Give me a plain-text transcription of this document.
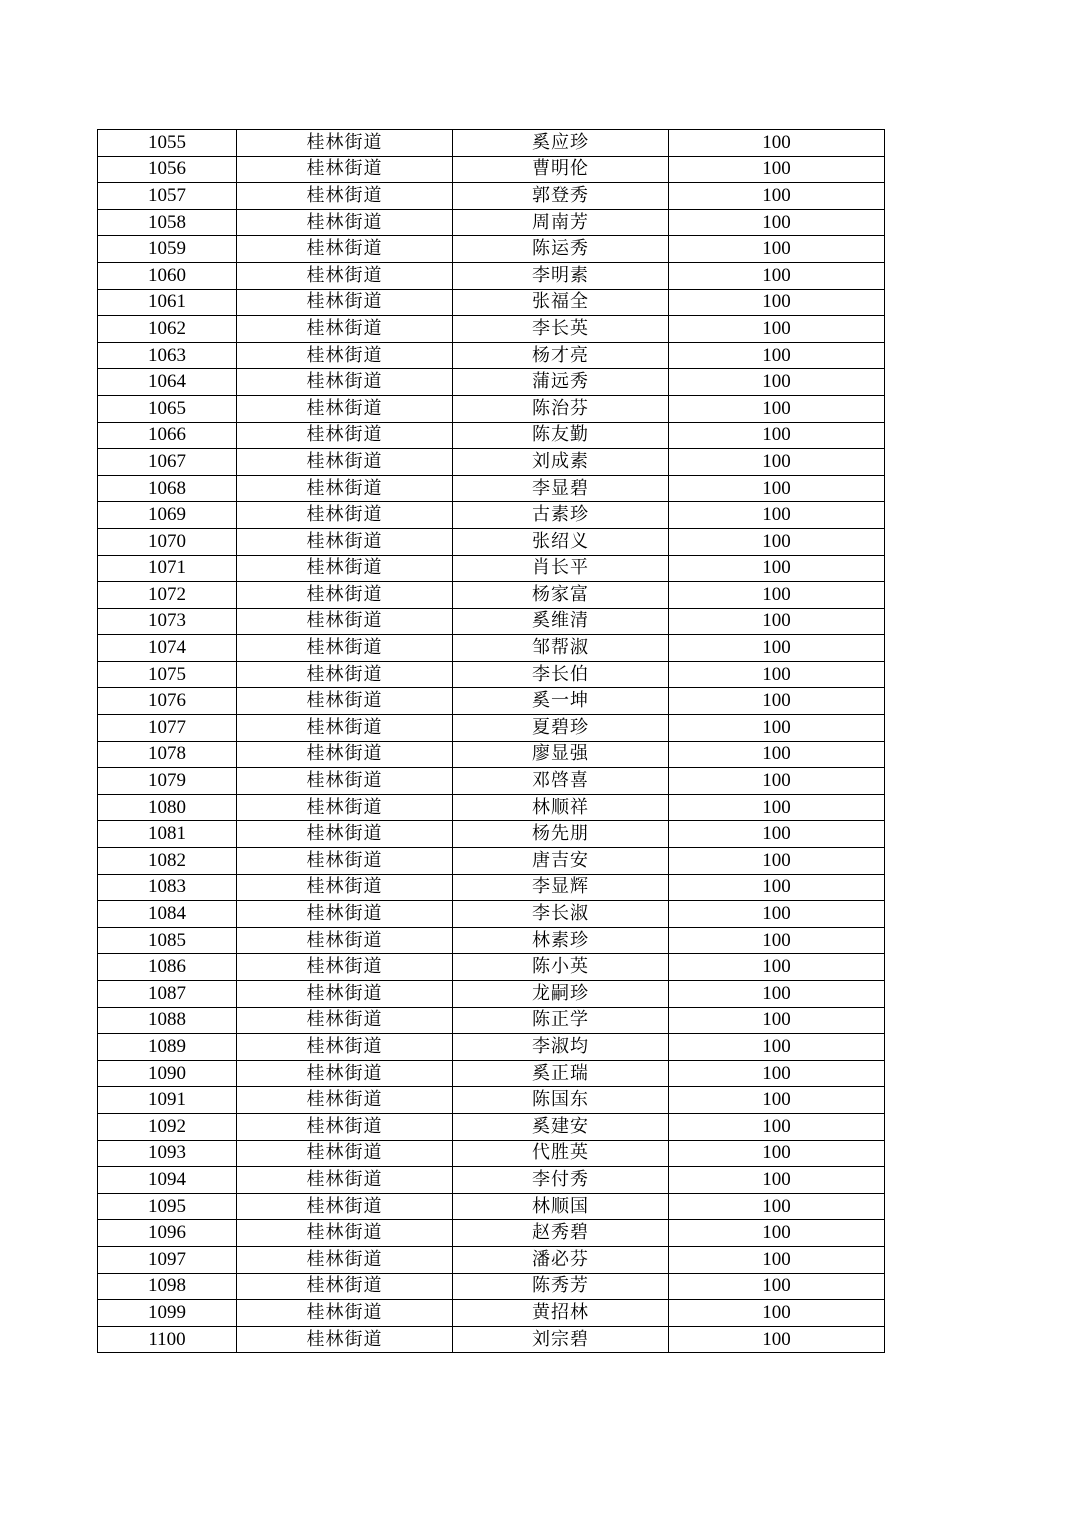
1055	桂林街道	奚应珍	100
1056	桂林街道	曹明伦	100
1057	桂林街道	郭登秀	100
1058	桂林街道	周南芳	100
1059	桂林街道	陈运秀	100
1060	桂林街道	李明素	100
1061	桂林街道	张福全	100
1062	桂林街道	李长英	100
1063	桂林街道	杨才亮	100
1064	桂林街道	蒲远秀	100
1065	桂林街道	陈治芬	100
1066	桂林街道	陈友勤	100
1067	桂林街道	刘成素	100
1068	桂林街道	李显碧	100
1069	桂林街道	古素珍	100
1070	桂林街道	张绍义	100
1071	桂林街道	肖长平	100
1072	桂林街道	杨家富	100
1073	桂林街道	奚维清	100
1074	桂林街道	邹帮淑	100
1075	桂林街道	李长伯	100
1076	桂林街道	奚一坤	100
1077	桂林街道	夏碧珍	100
1078	桂林街道	廖显强	100
1079	桂林街道	邓啓喜	100
1080	桂林街道	林顺祥	100
1081	桂林街道	杨先朋	100
1082	桂林街道	唐吉安	100
1083	桂林街道	李显辉	100
1084	桂林街道	李长淑	100
1085	桂林街道	林素珍	100
1086	桂林街道	陈小英	100
1087	桂林街道	龙嗣珍	100
1088	桂林街道	陈正学	100
1089	桂林街道	李淑均	100
1090	桂林街道	奚正瑞	100
1091	桂林街道	陈国东	100
1092	桂林街道	奚建安	100
1093	桂林街道	代胜英	100
1094	桂林街道	李付秀	100
1095	桂林街道	林顺国	100
1096	桂林街道	赵秀碧	100
1097	桂林街道	潘必芬	100
1098	桂林街道	陈秀芳	100
1099	桂林街道	黄招林	100
1100	桂林街道	刘宗碧	100
